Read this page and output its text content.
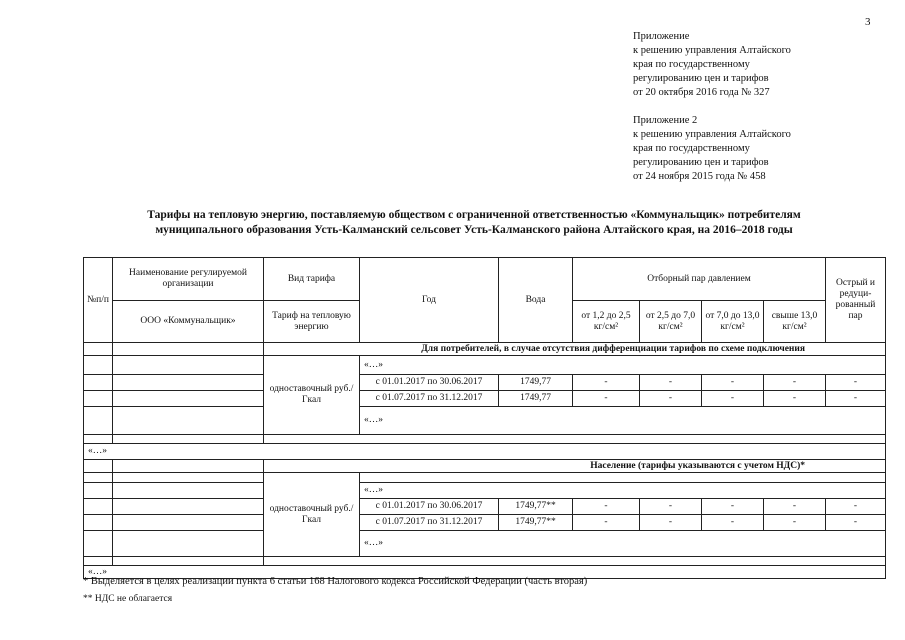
3
Приложение
к решению управления Алтайского
края по государственному
регулированию цен и тарифов
от 20 октября 2016 года № 327
Приложение 2
к решению управления Алтайского
края по государственному
регулированию цен и тарифов
от 24 ноября 2015 года № 458
Тарифы на тепловую энергию, поставляемую обществом с ограниченной ответственностью «Коммунальщик» потребителям
муниципального образования Усть-Калманский сельсовет Усть-Калманского района Алтайского края, на 2016–2018 годы
№п/п	Наименование регулируемой организации	Вид тарифа	Год	Вода	Отборный пар давлением				Острый и редуци-рованный пар
	ООО «Коммунальщик»	Тариф на тепловую энергию			от 1,2 до 2,5 кг/см²	от 2,5 до 7,0 кг/см²	от 7,0 до 13,0 кг/см²	свыше 13,0 кг/см²	
		Для потребителей, в случае отсутствия дифференциации тарифов по схеме подключения							
		одноставочный руб./Гкал	«…»						
			с 01.01.2017 по 30.06.2017	1749,77	-	-	-	-	-
			с 01.07.2017 по 31.12.2017	1749,77	-	-	-	-	-
			«…»						

«…»									
		Население (тарифы указываются с учетом НДС)*							
		одноставочный руб./Гкал							
			«…»						
			с 01.01.2017 по 30.06.2017	1749,77**	-	-	-	-	-
			с 01.07.2017 по 31.12.2017	1749,77**	-	-	-	-	-
			«…»						

«…»									
* Выделяется в целях реализации пункта 6 статьи 168 Налогового кодекса Российской Федерации (часть вторая)
** НДС не облагается
